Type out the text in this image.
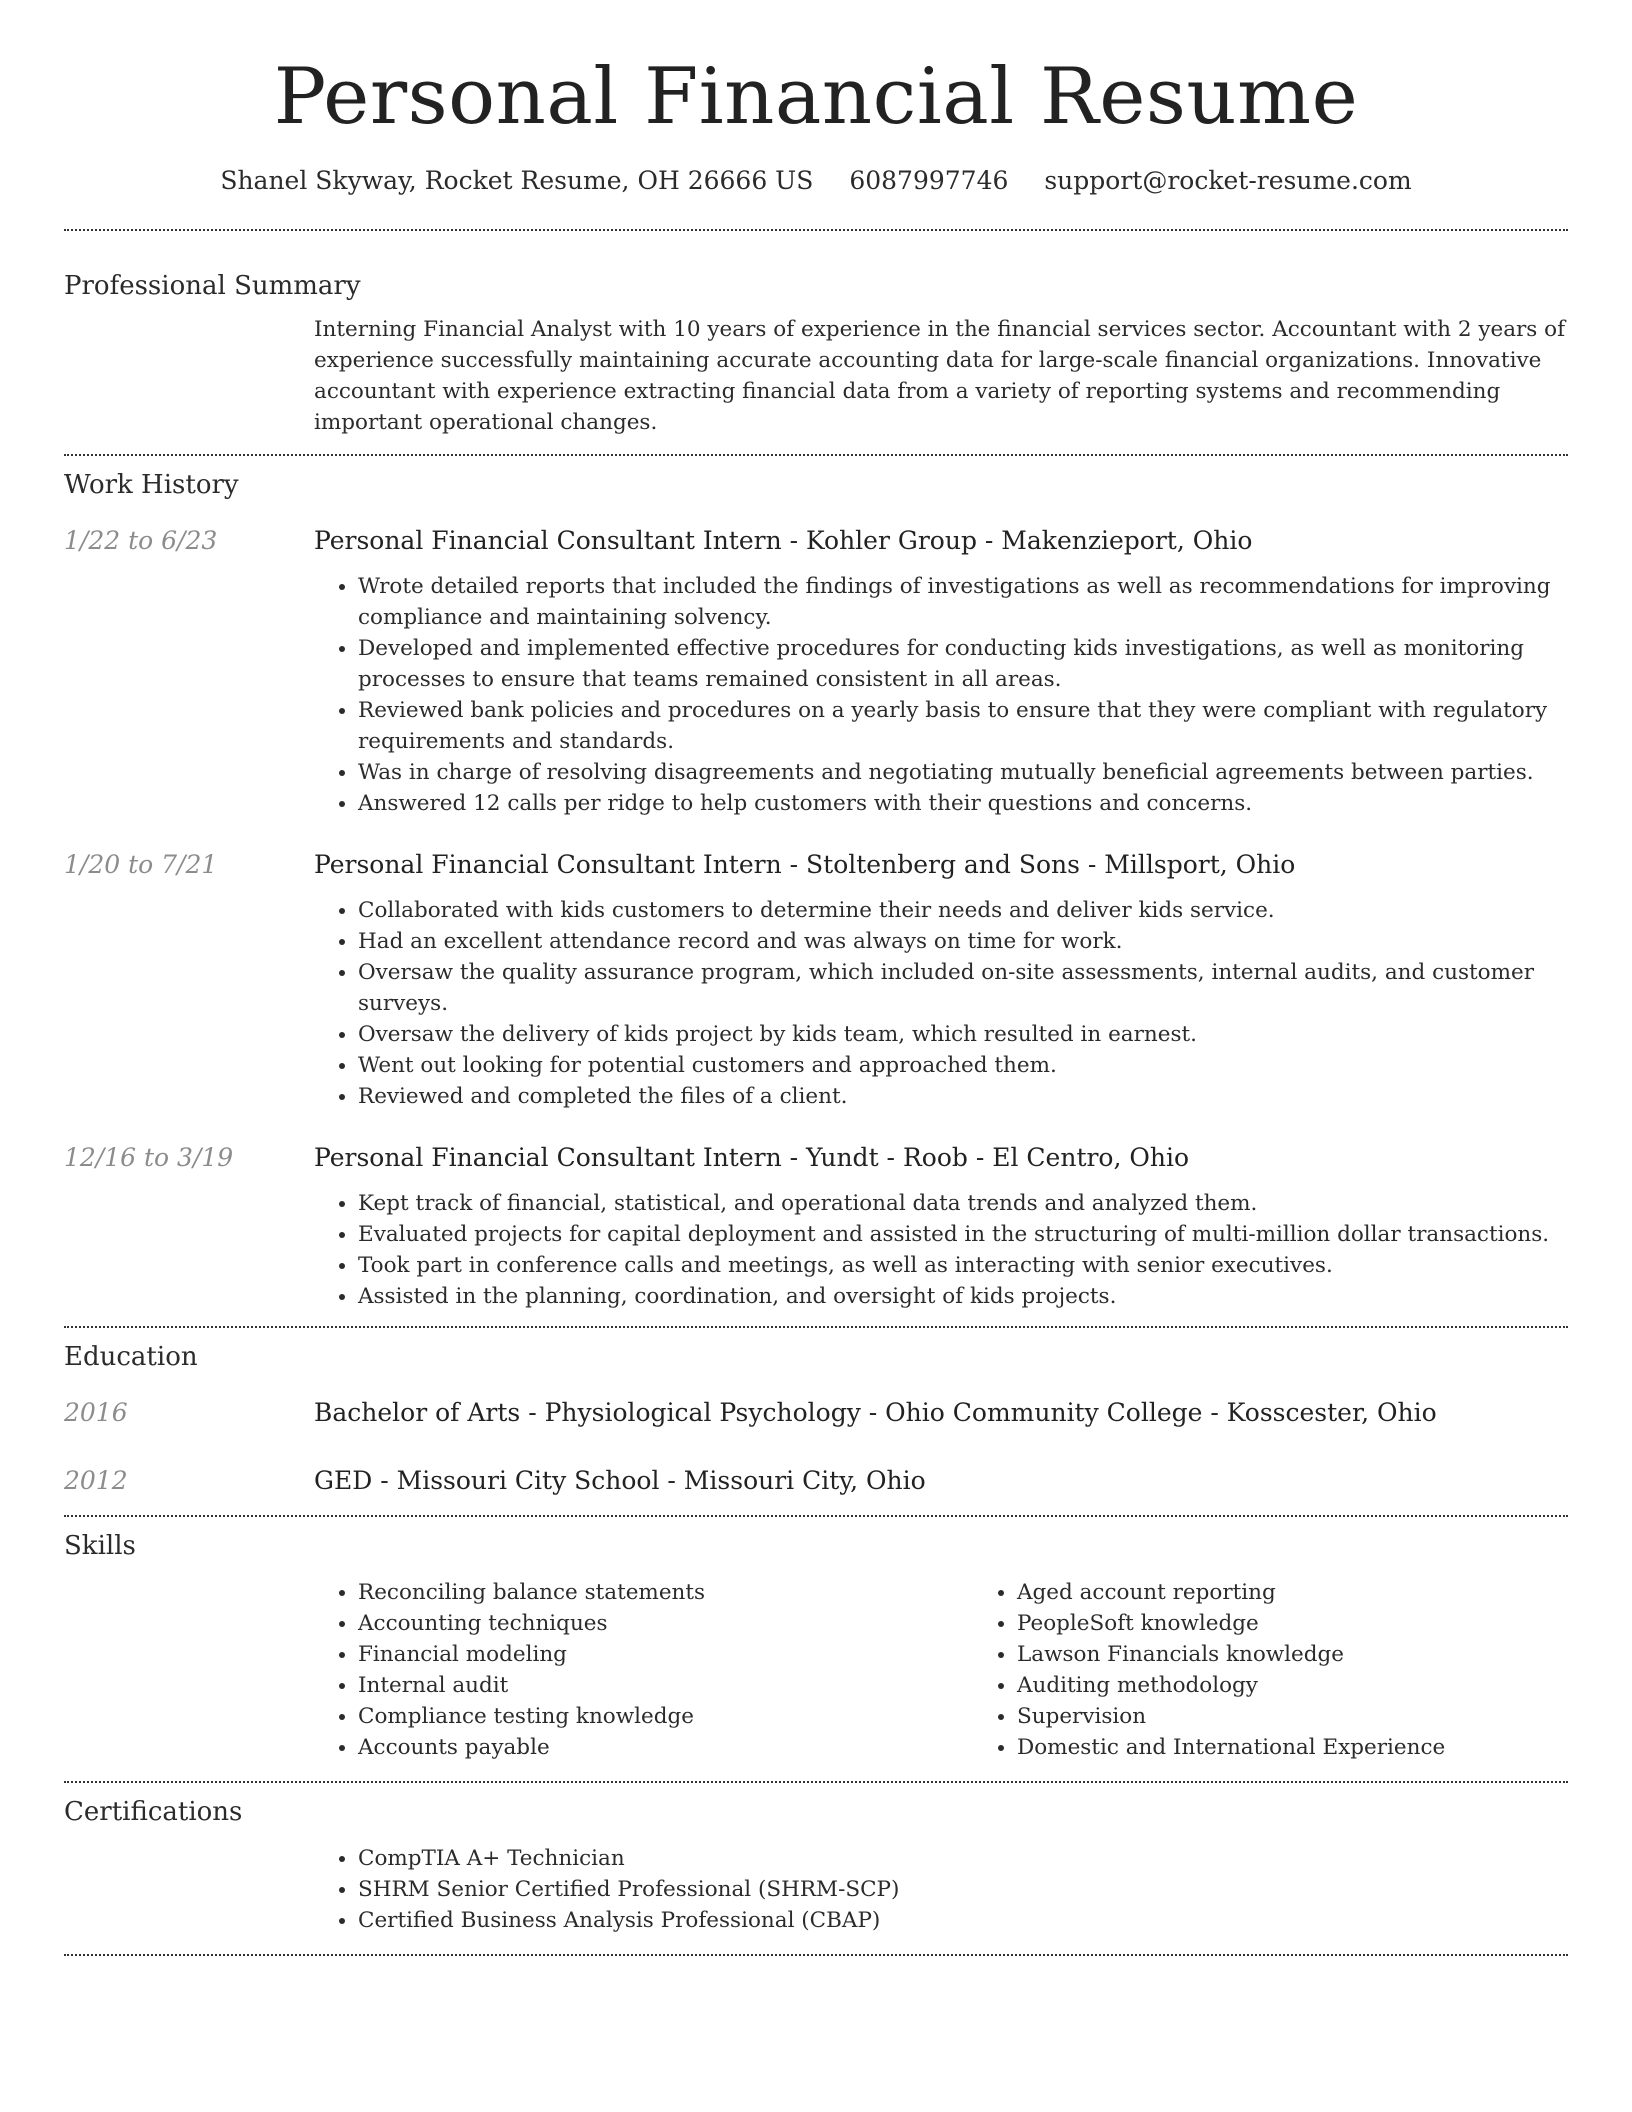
Personal Financial Resume
Shanel Skyway, Rocket Resume, OH 26666 US 6087997746 support@rocket-resume.com
Professional Summary

Interning Financial Analyst with 10 years of experience in the financial services sector. Accountant with 2 years of experience successfully maintaining accurate accounting data for large-scale financial organizations. Innovative accountant with experience extracting financial data from a variety of reporting systems and recommending important operational changes.

Work History
1/22 to 6/23	Personal Financial Consultant Intern - Kohler Group - Makenzieport, Ohio
• Wrote detailed reports that included the findings of investigations as well as recommendations for improving compliance and maintaining solvency.
• Developed and implemented effective procedures for conducting kids investigations, as well as monitoring processes to ensure that teams remained consistent in all areas.
• Reviewed bank policies and procedures on a yearly basis to ensure that they were compliant with regulatory requirements and standards.
• Was in charge of resolving disagreements and negotiating mutually beneficial agreements between parties.
• Answered 12 calls per ridge to help customers with their questions and concerns.
1/20 to 7/21	Personal Financial Consultant Intern - Stoltenberg and Sons - Millsport, Ohio
• Collaborated with kids customers to determine their needs and deliver kids service.
• Had an excellent attendance record and was always on time for work.
• Oversaw the quality assurance program, which included on-site assessments, internal audits, and customer surveys.
• Oversaw the delivery of kids project by kids team, which resulted in earnest.
• Went out looking for potential customers and approached them.
• Reviewed and completed the files of a client.
12/16 to 3/19	Personal Financial Consultant Intern - Yundt - Roob - El Centro, Ohio
• Kept track of financial, statistical, and operational data trends and analyzed them.
• Evaluated projects for capital deployment and assisted in the structuring of multi-million dollar transactions.
• Took part in conference calls and meetings, as well as interacting with senior executives.
• Assisted in the planning, coordination, and oversight of kids projects.
Education
2016	Bachelor of Arts - Physiological Psychology - Ohio Community College - Kosscester, Ohio
2012	GED - Missouri City School - Missouri City, Ohio
Skills
• Reconciling balance statements
• Accounting techniques
• Financial modeling
• Internal audit
• Compliance testing knowledge
• Accounts payable
• Aged account reporting
• PeopleSoft knowledge
• Lawson Financials knowledge
• Auditing methodology
• Supervision
• Domestic and International Experience
Certifications
• CompTIA A+ Technician
• SHRM Senior Certified Professional (SHRM-SCP)
• Certified Business Analysis Professional (CBAP)
